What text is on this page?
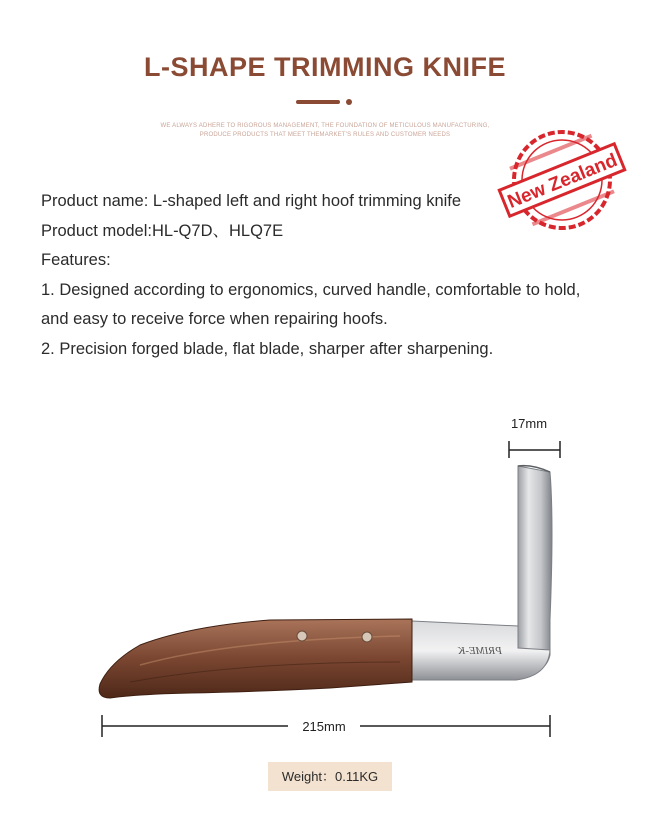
L-SHAPE TRIMMING KNIFE
WE ALWAYS ADHERE TO RIGOROUS MANAGEMENT, THE FOUNDATION OF METICULOUS MANUFACTURING,
PRODUCE PRODUCTS THAT MEET THEMARKET'S RULES AND CUSTOMER NEEDS
New Zealand

Product name: L-shaped left and right hoof trimming knife

Product model:HL-Q7D、HLQ7E

Features:

1. Designed according to ergonomics, curved handle, comfortable to hold,

and easy to receive force when repairing hoofs.

2. Precision forged blade, flat blade, sharper after sharpening.

17mm
PRIME-K
215mm
Weight：0.11KG
